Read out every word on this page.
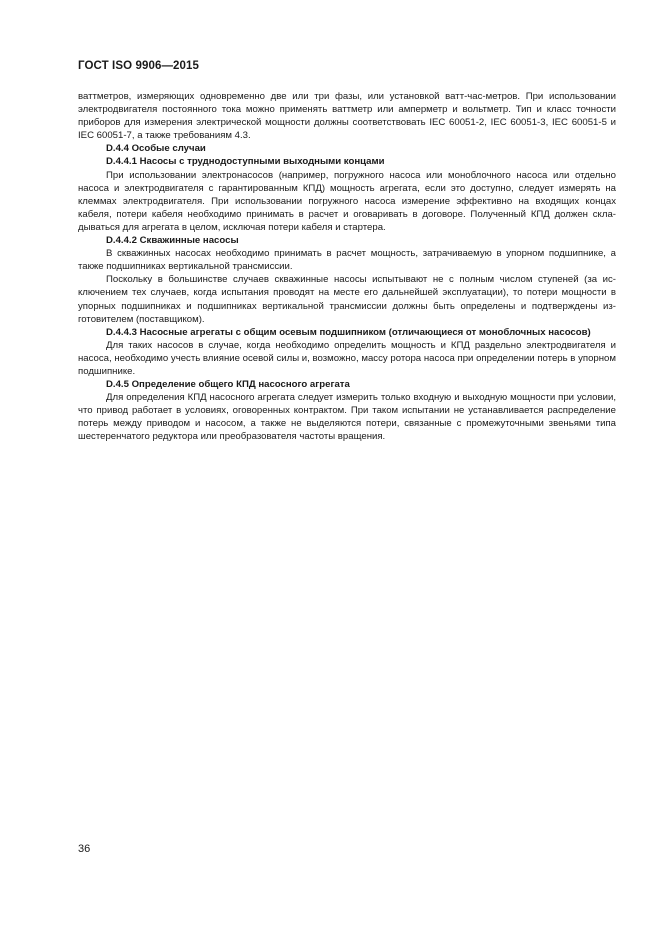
ГОСТ ISO 9906—2015

ваттметров, измеряющих одновременно две или три фазы, или установкой ватт-час-метров. При использовании электродвигателя постоянного тока можно применять ваттметр или амперметр и вольтметр. Тип и класс точности приборов для измерения электрической мощности должны соответствовать IEC 60051-2, IEC 60051-3, IEC 60051-5 и IEC 60051-7, а также требованиям 4.3.

D.4.4 Особые случаи
D.4.4.1 Насосы с труднодоступными выходными концами

При использовании электронасосов (например, погружного насоса или моноблочного насоса или отдельно насоса и электродвигателя с гарантированным КПД) мощность агрегата, если это доступно, следует измерять на клеммах электродвигателя. При использовании погружного насоса измерение эффективно на входящих концах кабеля, потери кабеля необходимо принимать в расчет и оговаривать в договоре. Полученный КПД должен складываться для агрегата в целом, исключая потери кабеля и стартера.

D.4.4.2 Скважинные насосы

В скважинных насосах необходимо принимать в расчет мощность, затрачиваемую в упорном подшипнике, а также подшипниках вертикальной трансмиссии.

Поскольку в большинстве случаев скважинные насосы испытывают не с полным числом ступеней (за исключением тех случаев, когда испытания проводят на месте его дальнейшей эксплуатации), то потери мощности в упорных подшипниках и подшипниках вертикальной трансмиссии должны быть определены и подтверждены изготовителем (поставщиком).

D.4.4.3 Насосные агрегаты с общим осевым подшипником (отличающиеся от моноблочных насосов)

Для таких насосов в случае, когда необходимо определить мощность и КПД раздельно электродвигателя и насоса, необходимо учесть влияние осевой силы и, возможно, массу ротора насоса при определении потерь в упорном подшипнике.

D.4.5 Определение общего КПД насосного агрегата

Для определения КПД насосного агрегата следует измерить только входную и выходную мощности при условии, что привод работает в условиях, оговоренных контрактом. При таком испытании не устанавливается распределение потерь между приводом и насосом, а также не выделяются потери, связанные с промежуточными звеньями типа шестеренчатого редуктора или преобразователя частоты вращения.

36
